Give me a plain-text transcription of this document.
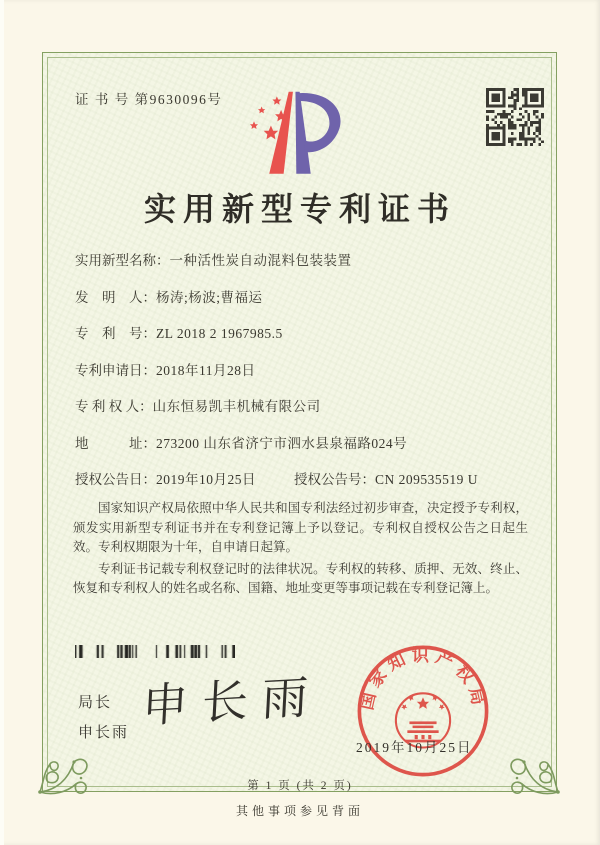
证 书 号 第9630096号
实用新型专利证书
实用新型名称： 一种活性炭自动混料包装装置
发　明　人： 杨涛;杨波;曹福运
专　利　号： ZL 2018 2 1967985.5
专利申请日： 2018年11月28日
专 利 权 人： 山东恒易凯丰机械有限公司
地　　　址： 273200 山东省济宁市泗水县泉福路024号
授权公告日： 2019年10月25日	授权公告号： CN 209535519 U

国家知识产权局依照中华人民共和国专利法经过初步审查，决定授予专利权，颁发实用新型专利证书并在专利登记簿上予以登记。专利权自授权公告之日起生效。专利权期限为十年，自申请日起算。

专利证书记载专利权登记时的法律状况。专利权的转移、质押、无效、终止、恢复和专利权人的姓名或名称、国籍、地址变更等事项记载在专利登记簿上。

局长
申长雨
申长雨	国家知识产权局
2019年10月25日
第 1 页 (共 2 页)
其他事项参见背面
